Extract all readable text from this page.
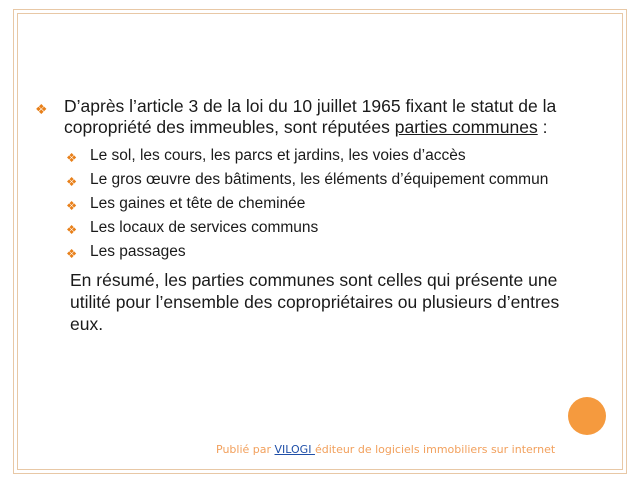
❖ D’après l’article 3 de la loi du 10 juillet 1965 fixant le statut de la copropriété des immeubles, sont réputées parties communes :
❖ Le sol, les cours, les parcs et jardins, les voies d’accès
❖ Le gros œuvre des bâtiments, les éléments d’équipement commun
❖ Les gaines et tête de cheminée
❖ Les locaux de services communs
❖ Les passages
En résumé, les parties communes sont celles qui présente une utilité pour l’ensemble des copropriétaires ou plusieurs d’entres eux.
Publié par VILOGI éditeur de logiciels immobiliers sur internet
